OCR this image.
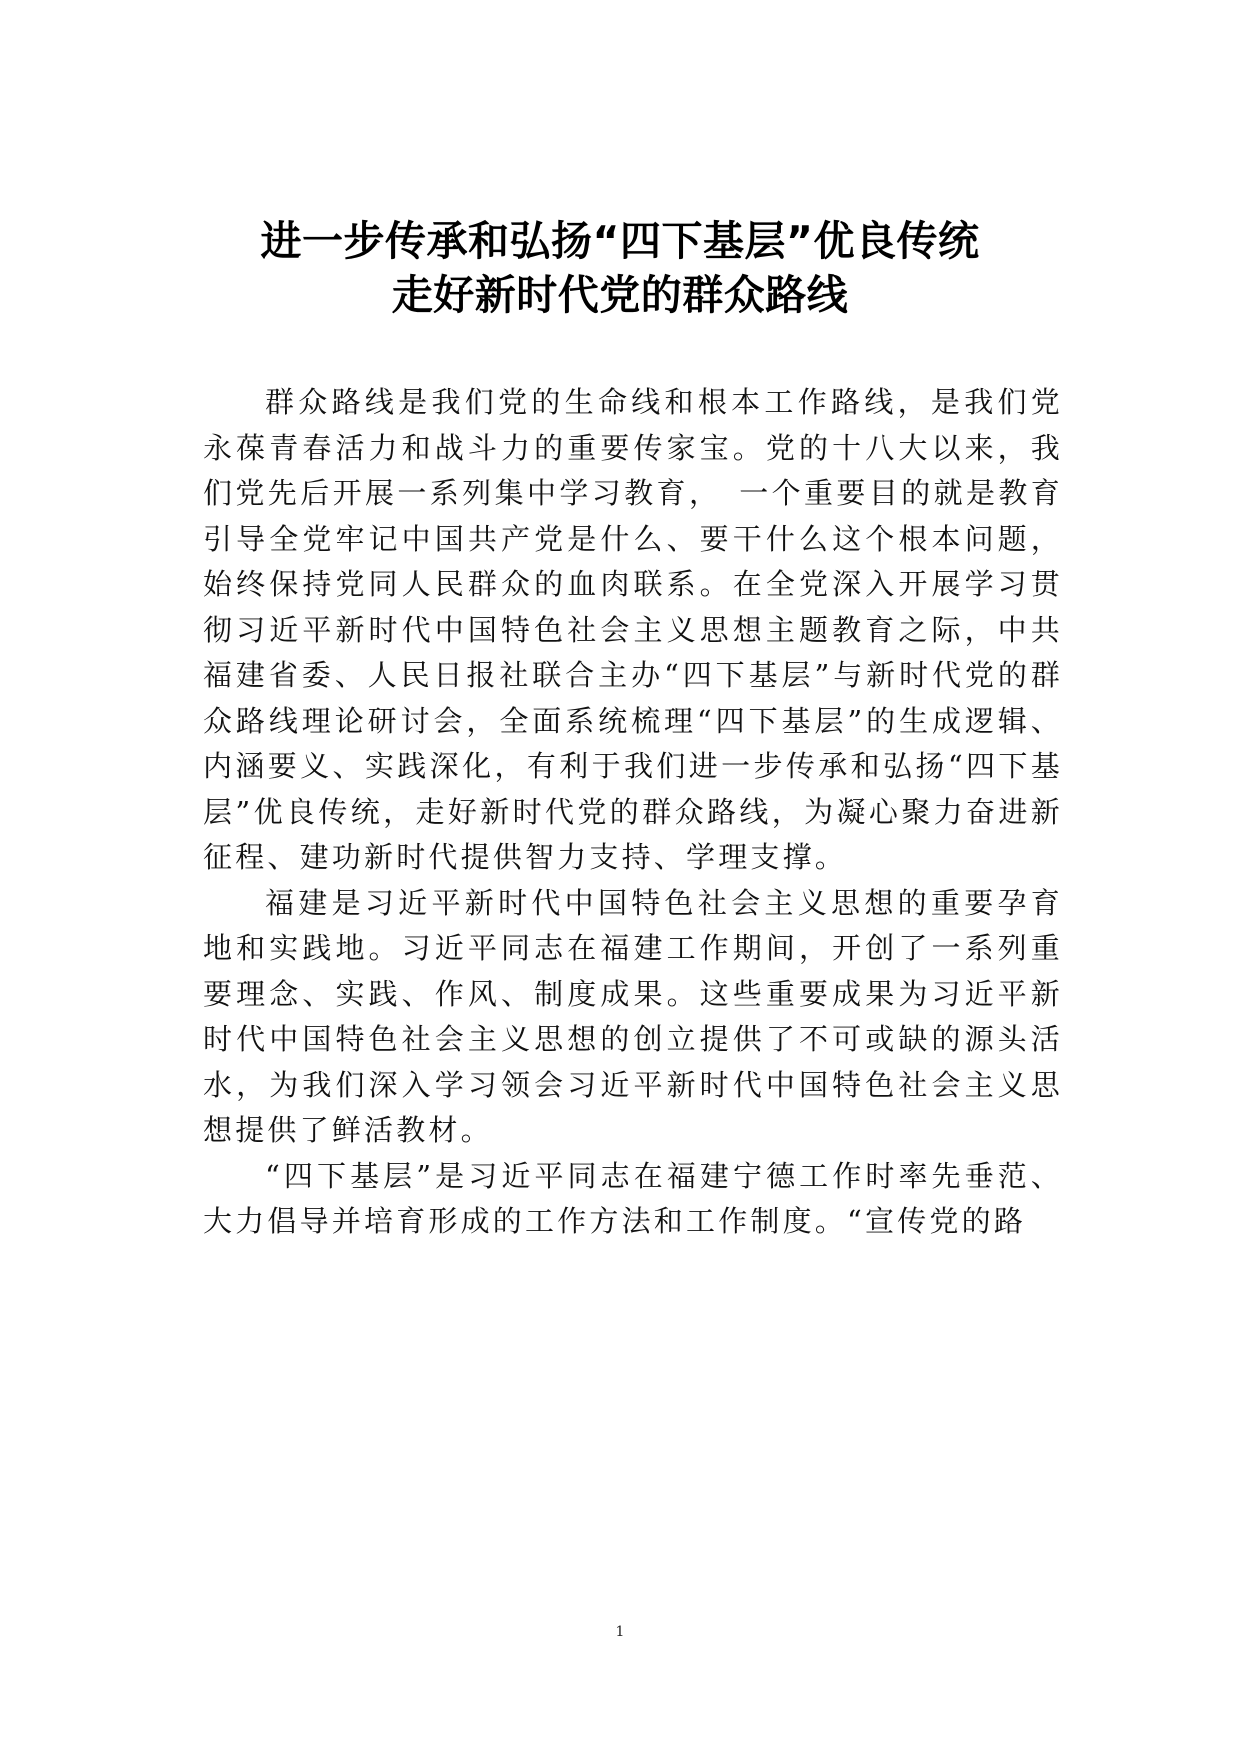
进一步传承和弘扬“四下基层”优良传统
走好新时代党的群众路线

群众路线是我们党的生命线和根本工作路线，是我们党永葆青春活力和战斗力的重要传家宝。党的十八大以来，我们党先后开展一系列集中学习教育，　一个重要目的就是教育引导全党牢记中国共产党是什么、要干什么这个根本问题，始终保持党同人民群众的血肉联系。在全党深入开展学习贯彻习近平新时代中国特色社会主义思想主题教育之际，中共福建省委、人民日报社联合主办“四下基层”与新时代党的群众路线理论研讨会，全面系统梳理“四下基层”的生成逻辑、内涵要义、实践深化，有利于我们进一步传承和弘扬“四下基层”优良传统，走好新时代党的群众路线，为凝心聚力奋进新征程、建功新时代提供智力支持、学理支撑。

福建是习近平新时代中国特色社会主义思想的重要孕育地和实践地。习近平同志在福建工作期间，开创了一系列重要理念、实践、作风、制度成果。这些重要成果为习近平新时代中国特色社会主义思想的创立提供了不可或缺的源头活水，为我们深入学习领会习近平新时代中国特色社会主义思想提供了鲜活教材。

“四下基层”是习近平同志在福建宁德工作时率先垂范、大力倡导并培育形成的工作方法和工作制度。“宣传党的路

1
